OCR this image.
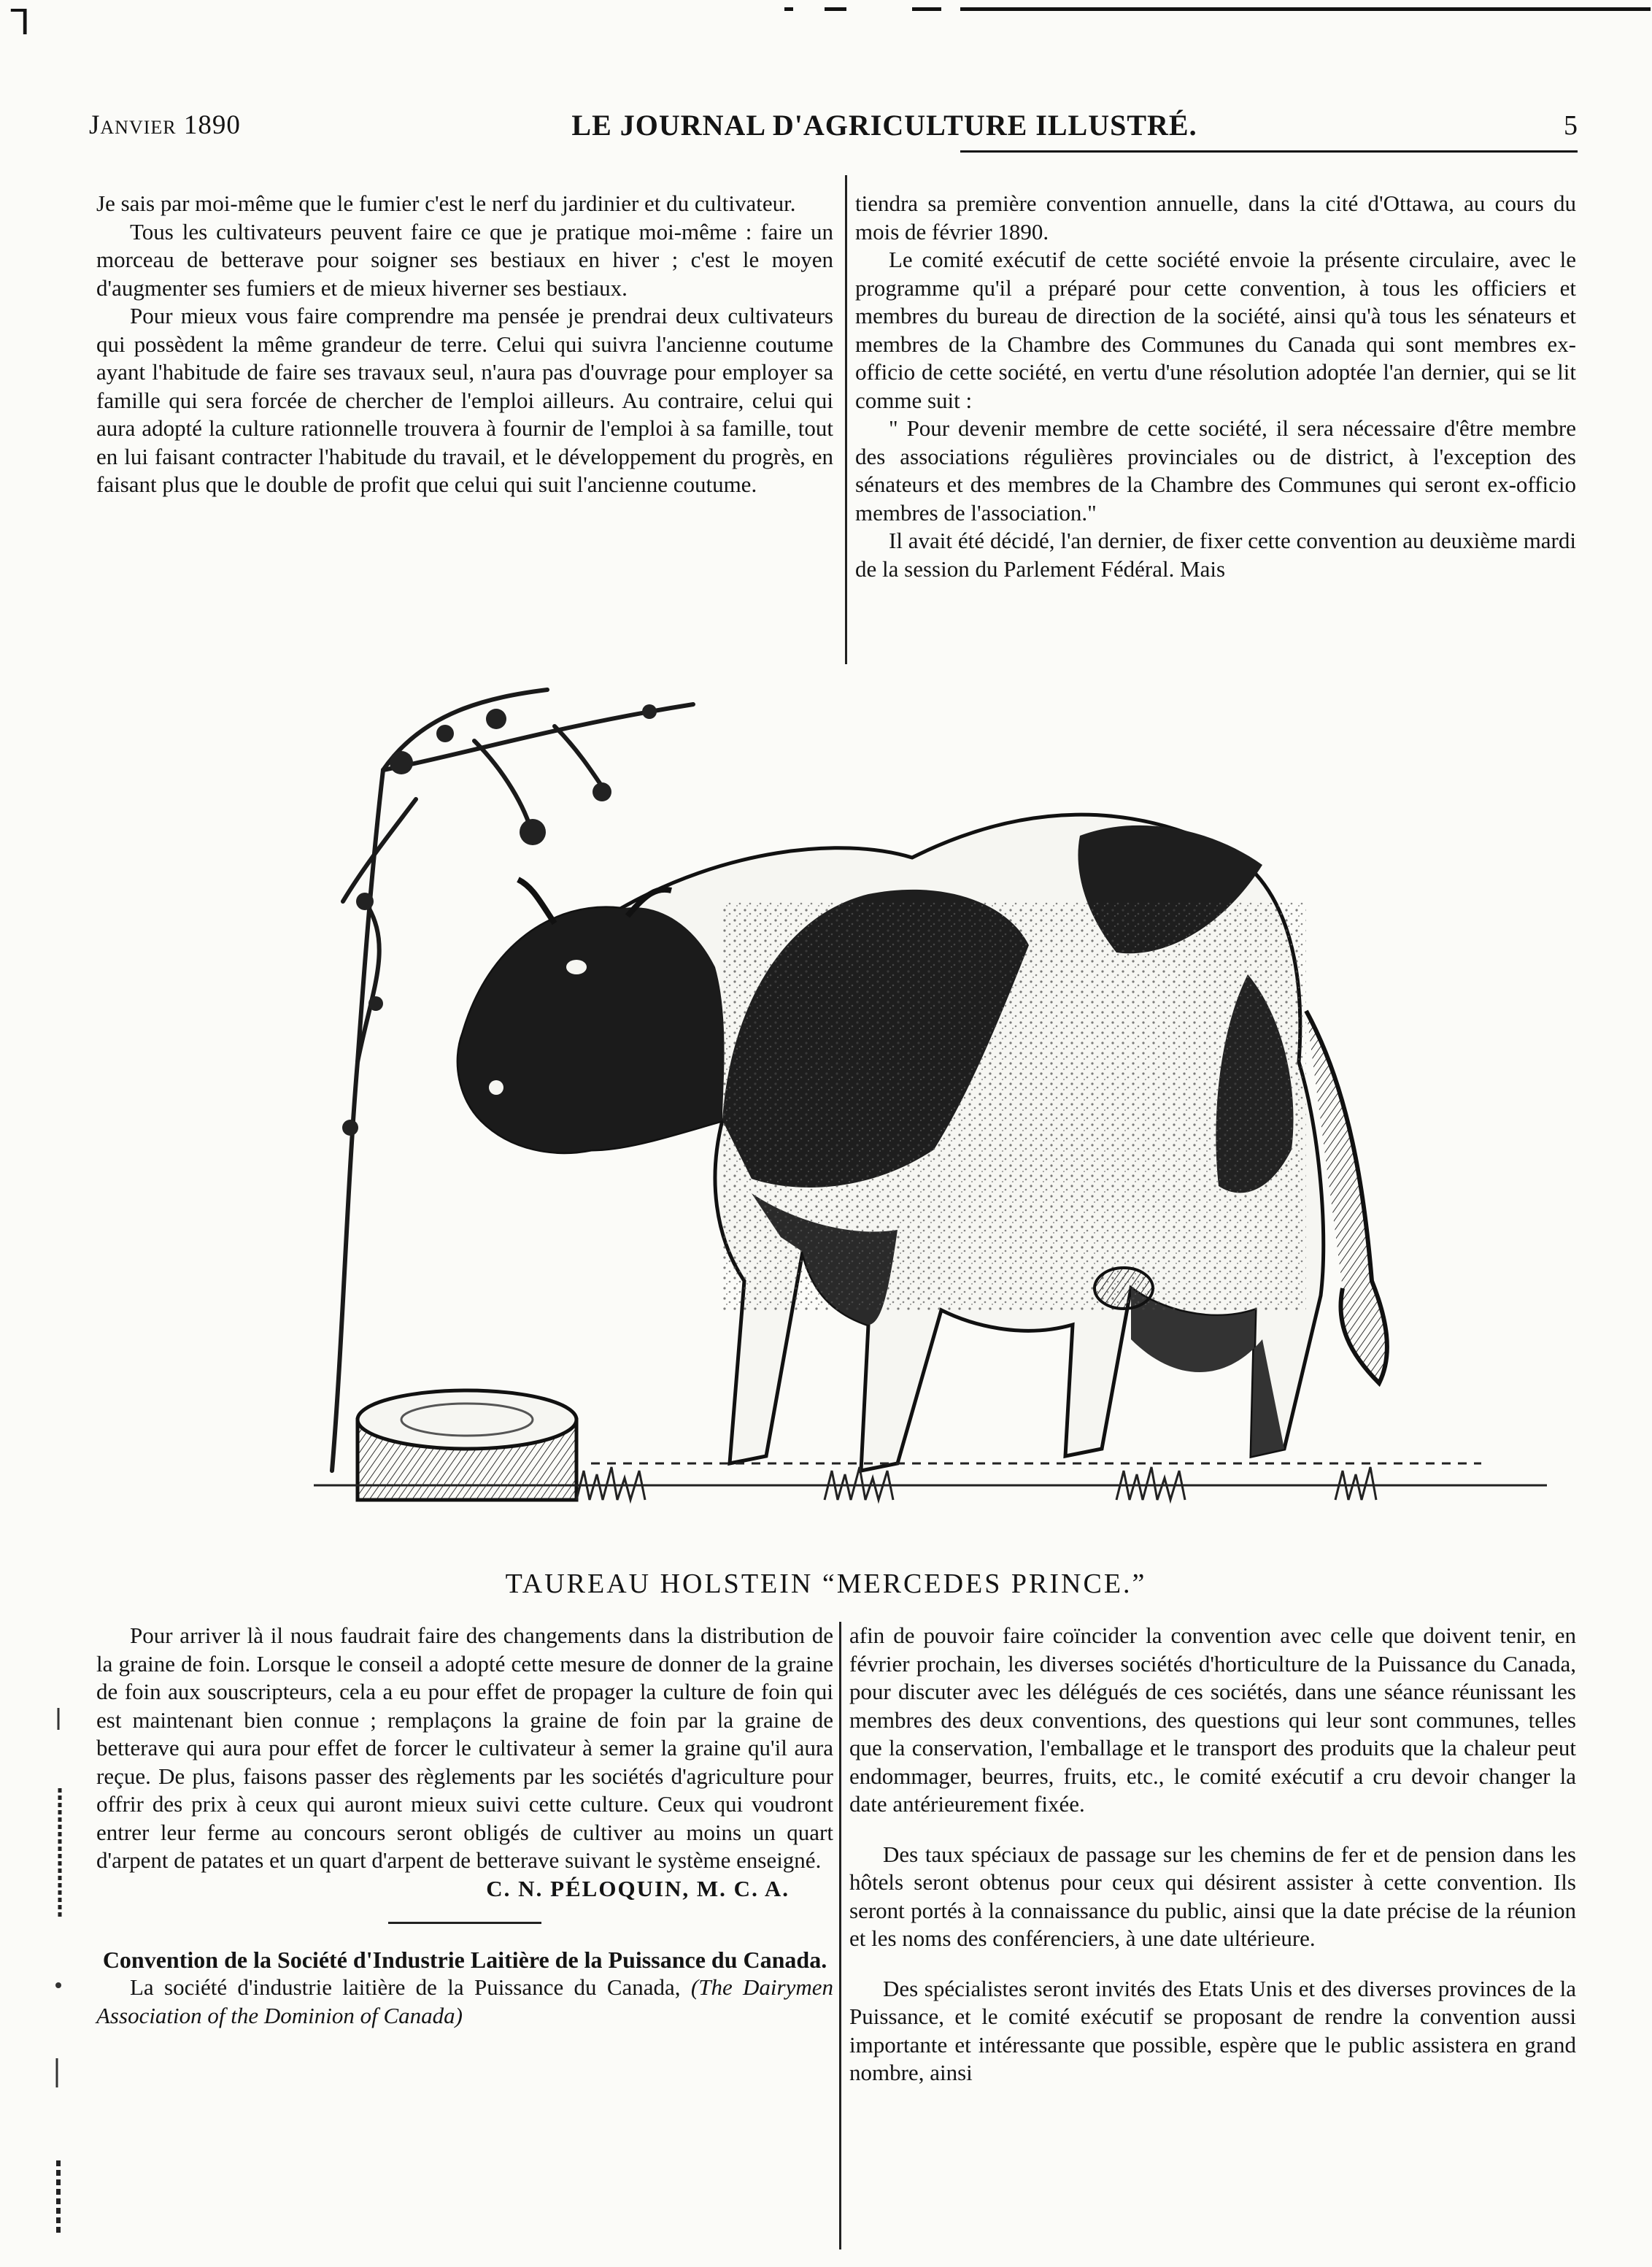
ᒣ
Janvier 1890	LE JOURNAL D'AGRICULTURE ILLUSTRÉ.	5

Je sais par moi-même que le fumier c'est le nerf du jardinier et du cultivateur.

Tous les cultivateurs peuvent faire ce que je pratique moi-même : faire un morceau de betterave pour soigner ses bestiaux en hiver ; c'est le moyen d'augmenter ses fumiers et de mieux hiverner ses bestiaux.

Pour mieux vous faire comprendre ma pensée je prendrai deux cultivateurs qui possèdent la même grandeur de terre. Celui qui suivra l'ancienne coutume ayant l'habitude de faire ses travaux seul, n'aura pas d'ouvrage pour employer sa famille qui sera forcée de chercher de l'emploi ailleurs. Au contraire, celui qui aura adopté la culture rationnelle trouvera à fournir de l'emploi à sa famille, tout en lui faisant contracter l'habitude du travail, et le développement du progrès, en faisant plus que le double de profit que celui qui suit l'ancienne coutume.

tiendra sa première convention annuelle, dans la cité d'Ottawa, au cours du mois de février 1890.

Le comité exécutif de cette société envoie la présente circulaire, avec le programme qu'il a préparé pour cette convention, à tous les officiers et membres du bureau de direction de la société, ainsi qu'à tous les sénateurs et membres de la Chambre des Communes du Canada qui sont membres ex-officio de cette société, en vertu d'une résolution adoptée l'an dernier, qui se lit comme suit :

" Pour devenir membre de cette société, il sera nécessaire d'être membre des associations régulières provinciales ou de district, à l'exception des sénateurs et des membres de la Chambre des Communes qui seront ex-officio membres de l'association."

Il avait été décidé, l'an dernier, de fixer cette convention au deuxième mardi de la session du Parlement Fédéral. Mais

TAUREAU HOLSTEIN “MERCEDES PRINCE.”

Pour arriver là il nous faudrait faire des changements dans la distribution de la graine de foin. Lorsque le conseil a adopté cette mesure de donner de la graine de foin aux souscripteurs, cela a eu pour effet de propager la culture de foin qui est maintenant bien connue ; remplaçons la graine de foin par la graine de betterave qui aura pour effet de forcer le cultivateur à semer la graine qu'il aura reçue. De plus, faisons passer des règlements par les sociétés d'agriculture pour offrir des prix à ceux qui auront mieux suivi cette culture. Ceux qui voudront entrer leur ferme au concours seront obligés de cultiver au moins un quart d'arpent de patates et un quart d'arpent de betterave suivant le système enseigné.

C. N. PÉLOQUIN, M. C. A.

Convention de la Société d'Industrie Laitière de la Puissance du Canada.

La société d'industrie laitière de la Puissance du Canada, (The Dairymen Association of the Dominion of Canada)

afin de pouvoir faire coïncider la convention avec celle que doivent tenir, en février prochain, les diverses sociétés d'horticulture de la Puissance du Canada, pour discuter avec les délégués de ces sociétés, dans une séance réunissant les membres des deux conventions, des questions qui leur sont communes, telles que la conservation, l'emballage et le transport des produits que la chaleur peut endommager, beurres, fruits, etc., le comité exécutif a cru devoir changer la date antérieurement fixée.

Des taux spéciaux de passage sur les chemins de fer et de pension dans les hôtels seront obtenus pour ceux qui désirent assister à cette convention. Ils seront portés à la connaissance du public, ainsi que la date précise de la réunion et les noms des conférenciers, à une date ultérieure.

Des spécialistes seront invités des Etats Unis et des diverses provinces de la Puissance, et le comité exécutif se proposant de rendre la convention aussi importante et intéressante que possible, espère que le public assistera en grand nombre, ainsi
